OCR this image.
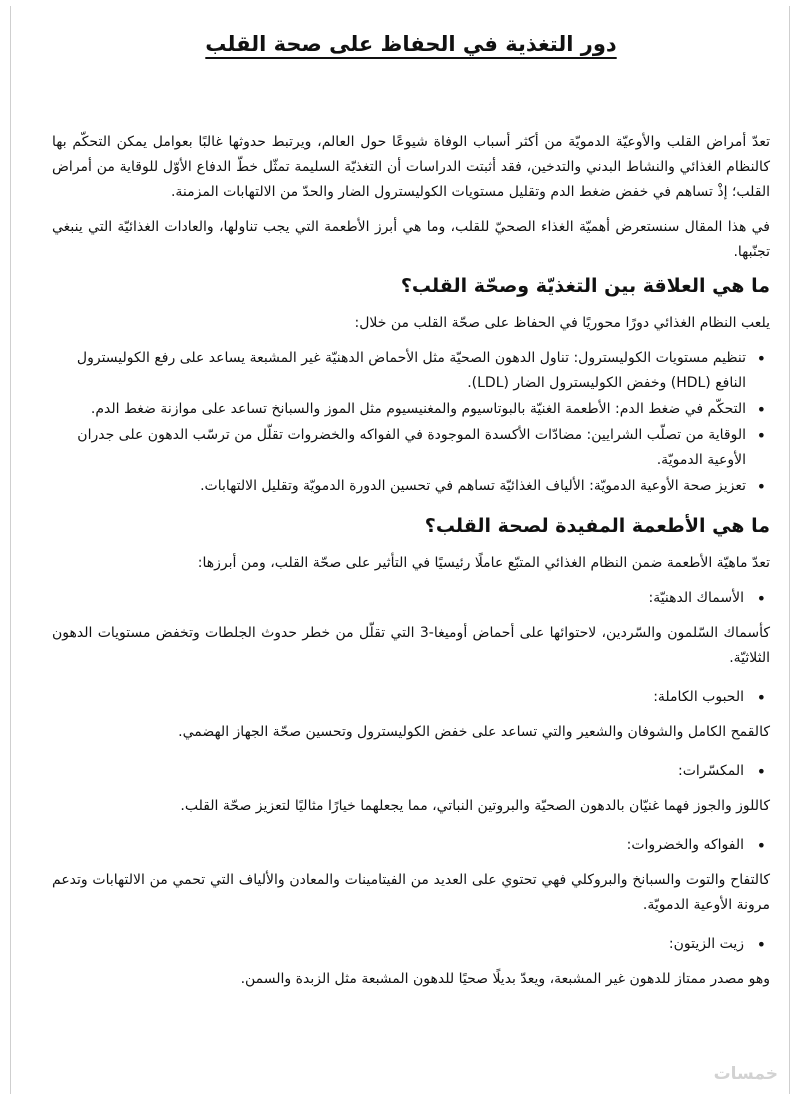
دور التغذية في الحفاظ على صحة القلب

تعدّ أمراض القلب والأوعيّة الدمويّة من أكثر أسباب الوفاة شيوعًا حول العالم، ويرتبط حدوثها غالبًا بعوامل يمكن التحكّم بها كالنظام الغذائي والنشاط البدني والتدخين، فقد أثبتت الدراسات أن التغذيّة السليمة تمثّل خطّ الدفاع الأوّل للوقاية من أمراض القلب؛ إذْ تساهم في خفض ضغط الدم وتقليل مستويات الكوليسترول الضار والحدّ من الالتهابات المزمنة.

في هذا المقال سنستعرض أهميّة الغذاء الصحيّ للقلب، وما هي أبرز الأطعمة التي يجب تناولها، والعادات الغذائيّة التي ينبغي تجنّبها.

ما هي العلاقة بين التغذيّة وصحّة القلب؟

يلعب النظام الغذائي دورًا محوريًا في الحفاظ على صحّة القلب من خلال:

• تنظيم مستويات الكوليسترول: تناول الدهون الصحيّة مثل الأحماض الدهنيّة غير المشبعة يساعد على رفع الكوليسترول النافع (HDL) وخفض الكوليسترول الضار (LDL).
• التحكّم في ضغط الدم: الأطعمة الغنيّة بالبوتاسيوم والمغنيسيوم مثل الموز والسبانخ تساعد على موازنة ضغط الدم.
• الوقاية من تصلّب الشرايين: مضادّات الأكسدة الموجودة في الفواكه والخضروات تقلّل من ترسّب الدهون على جدران الأوعية الدمويّة.
• تعزيز صحة الأوعية الدمويّة: الألياف الغذائيّة تساهم في تحسين الدورة الدمويّة وتقليل الالتهابات.
ما هي الأطعمة المفيدة لصحة القلب؟

تعدّ ماهيّة الأطعمة ضمن النظام الغذائي المتبّع عاملًا رئيسيًا في التأثير على صحّة القلب، ومن أبرزها:

•
الأسماك الدهنيّة:

كأسماك السّلمون والسّردين، لاحتوائها على أحماض أوميغا-3 التي تقلّل من خطر حدوث الجلطات وتخفض مستويات الدهون الثلاثيّة.

•
الحبوب الكاملة:

كالقمح الكامل والشوفان والشعير والتي تساعد على خفض الكوليسترول وتحسين صحّة الجهاز الهضمي.

•
المكسّرات:

كاللوز والجوز فهما غنيّان بالدهون الصحيّة والبروتين النباتي، مما يجعلهما خيارًا مثاليًا لتعزيز صحّة القلب.

•
الفواكه والخضروات:

كالتفاح والتوت والسبانخ والبروكلي فهي تحتوي على العديد من الفيتامينات والمعادن والألياف التي تحمي من الالتهابات وتدعم مرونة الأوعية الدمويّة.

•
زيت الزيتون:

وهو مصدر ممتاز للدهون غير المشبعة، ويعدّ بديلًا صحيًا للدهون المشبعة مثل الزبدة والسمن.

خمسات
